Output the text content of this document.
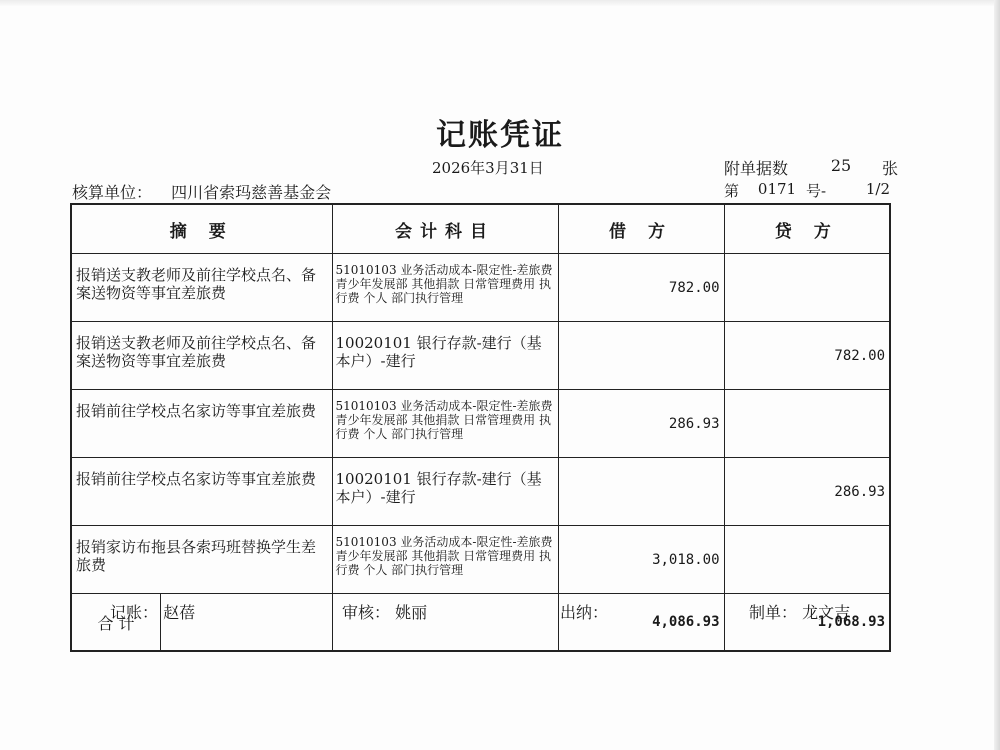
记账凭证
2026年3月31日	附单据数	25	张
核算单位： 四川省索玛慈善基金会	第	0171 号-	1/2
摘 要	会计科目	借 方	贷 方
报销送支教老师及前往学校点名、备案送物资等事宜差旅费	51010103 业务活动成本-限定性-差旅费 青少年发展部 其他捐款 日常管理费用 执行费 个人 部门执行管理	782.00	
报销送支教老师及前往学校点名、备案送物资等事宜差旅费	10020101 银行存款-建行（基本户）-建行		782.00
报销前往学校点名家访等事宜差旅费	51010103 业务活动成本-限定性-差旅费 青少年发展部 其他捐款 日常管理费用 执行费 个人 部门执行管理	286.93	
报销前往学校点名家访等事宜差旅费	10020101 银行存款-建行（基本户）-建行		286.93
报销家访布拖县各索玛班替换学生差旅费	51010103 业务活动成本-限定性-差旅费 青少年发展部 其他捐款 日常管理费用 执行费 个人 部门执行管理	3,018.00	

合 计		4,086.93	1,068.93
记账： 赵蓓	审核： 姚丽	出纳：	制单： 龙文吉
